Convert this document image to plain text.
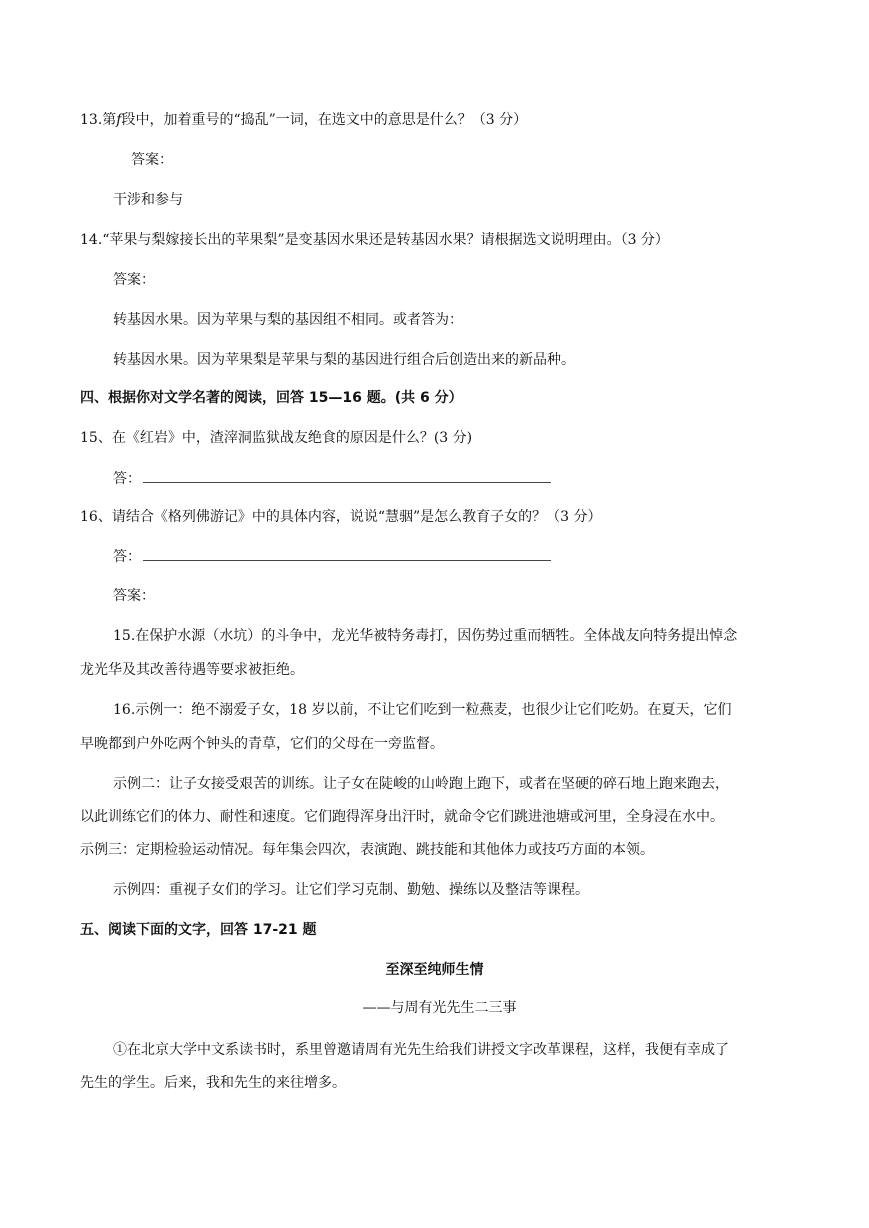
13.第f段中，加着重号的“捣乱”一词，在选文中的意思是什么？（3 分）
答案：
干涉和参与
14.“苹果与梨嫁接长出的苹果梨”是变基因水果还是转基因水果？请根据选文说明理由。（3 分）
答案：
转基因水果。因为苹果与梨的基因组不相同。或者答为：
转基因水果。因为苹果梨是苹果与梨的基因进行组合后创造出来的新品种。
四、根据你对文学名著的阅读，回答 15—16 题。(共 6 分）
15、在《红岩》中，渣滓洞监狱战友绝食的原因是什么？(3 分)
答：
16、请结合《格列佛游记》中的具体内容，说说“慧骃”是怎么教育子女的？（3 分）
答：
答案：
15.在保护水源（水坑）的斗争中，龙光华被特务毒打，因伤势过重而牺牲。全体战友向特务提出悼念
龙光华及其改善待遇等要求被拒绝。
16.示例一：绝不溺爱子女，18 岁以前，不让它们吃到一粒燕麦，也很少让它们吃奶。在夏天，它们
早晚都到户外吃两个钟头的青草，它们的父母在一旁监督。
示例二：让子女接受艰苦的训练。让子女在陡峻的山岭跑上跑下，或者在坚硬的碎石地上跑来跑去，
以此训练它们的体力、耐性和速度。它们跑得浑身出汗时，就命令它们跳进池塘或河里，全身浸在水中。
示例三：定期检验运动情况。每年集会四次，表演跑、跳技能和其他体力或技巧方面的本领。
示例四：重视子女们的学习。让它们学习克制、勤勉、操练以及整洁等课程。
五、阅读下面的文字，回答 17-21 题
至深至纯师生情
——与周有光先生二三事
①在北京大学中文系读书时，系里曾邀请周有光先生给我们讲授文字改革课程，这样，我便有幸成了
先生的学生。后来，我和先生的来往增多。
